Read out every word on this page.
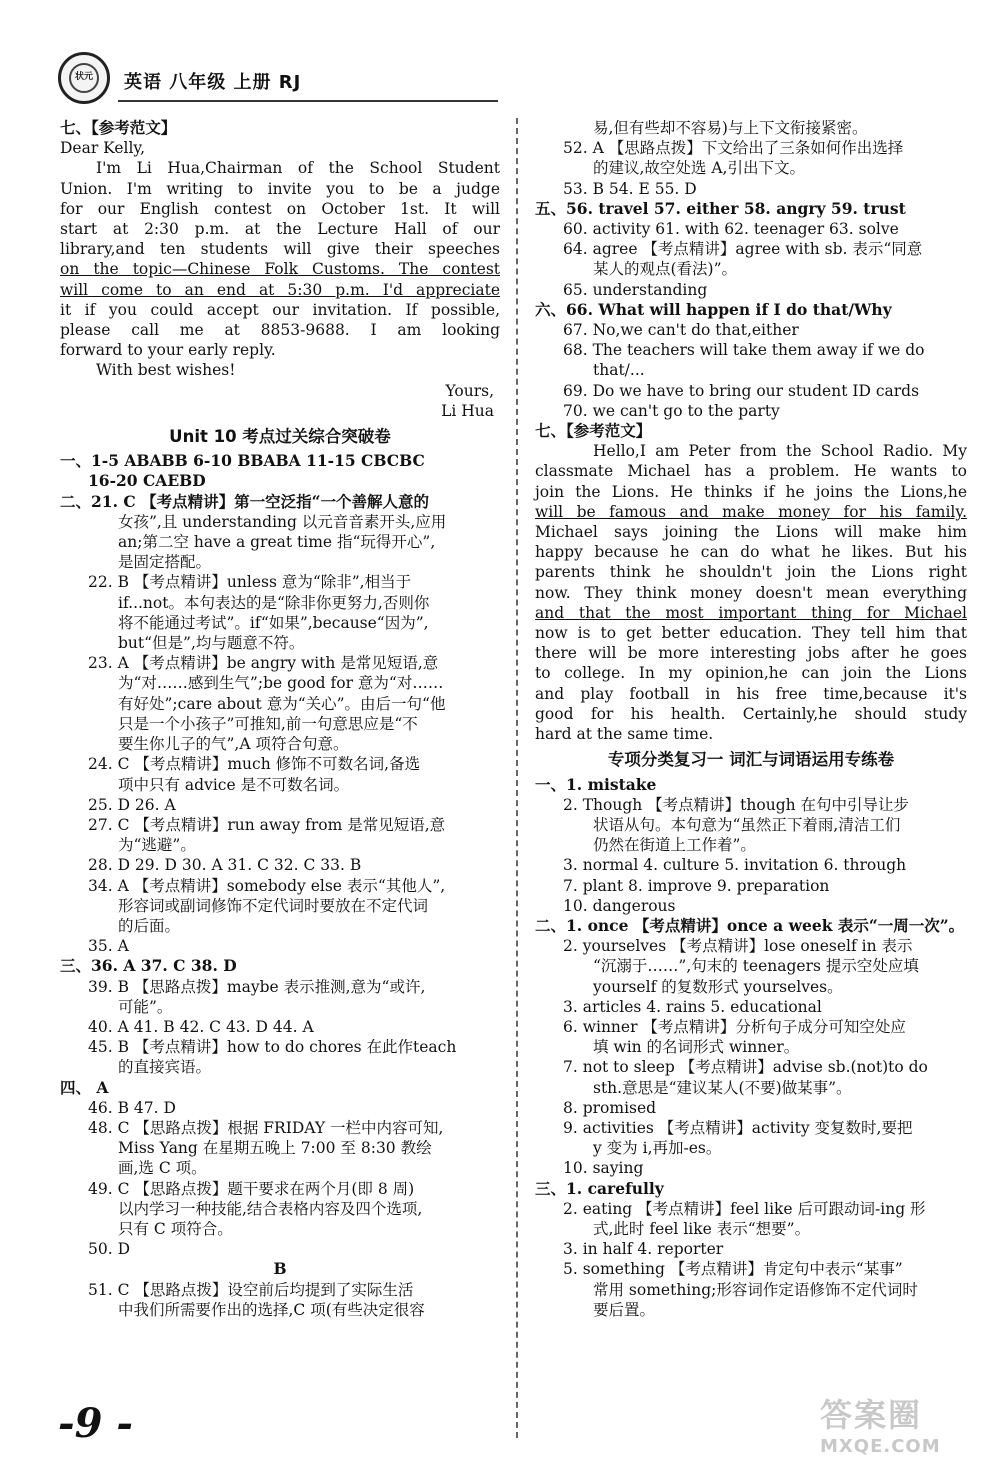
状元	英语 八年级 上册 RJ
七、【参考范文】
Dear Kelly,
I'm Li Hua,Chairman of the School Student
Union. I'm writing to invite you to be a judge
for our English contest on October 1st. It will
start at 2:30 p.m. at the Lecture Hall of our
library,and ten students will give their speeches
on the topic—Chinese Folk Customs. The contest
will come to an end at 5:30 p.m. I'd appreciate
it if you could accept our invitation. If possible,
please call me at 8853-9688. I am looking
forward to your early reply.
With best wishes!
Yours,
Li Hua
Unit 10 考点过关综合突破卷
一、1-5 ABABB 6-10 BBABA 11-15 CBCBC
16-20 CAEBD
二、21. C 【考点精讲】第一空泛指“一个善解人意的
女孩”,且 understanding 以元音音素开头,应用
an;第二空 have a great time 指“玩得开心”,
是固定搭配。
22. B 【考点精讲】unless 意为“除非”,相当于
if...not。本句表达的是“除非你更努力,否则你
将不能通过考试”。if“如果”,because“因为”,
but“但是”,均与题意不符。
23. A 【考点精讲】be angry with 是常见短语,意
为“对……感到生气”;be good for 意为“对……
有好处”;care about 意为“关心”。由后一句“他
只是一个小孩子”可推知,前一句意思应是“不
要生你儿子的气”,A 项符合句意。
24. C 【考点精讲】much 修饰不可数名词,备选
项中只有 advice 是不可数名词。
25. D 26. A
27. C 【考点精讲】run away from 是常见短语,意
为“逃避”。
28. D 29. D 30. A 31. C 32. C 33. B
34. A 【考点精讲】somebody else 表示“其他人”,
形容词或副词修饰不定代词时要放在不定代词
的后面。
35. A
三、36. A 37. C 38. D
39. B 【思路点拨】maybe 表示推测,意为“或许,
可能”。
40. A 41. B 42. C 43. D 44. A
45. B 【考点精讲】how to do chores 在此作teach
的直接宾语。
四、 A
46. B 47. D
48. C 【思路点拨】根据 FRIDAY 一栏中内容可知,
Miss Yang 在星期五晚上 7:00 至 8:30 教绘
画,选 C 项。
49. C 【思路点拨】题干要求在两个月(即 8 周)
以内学习一种技能,结合表格内容及四个选项,
只有 C 项符合。
50. D
B
51. C 【思路点拨】设空前后均提到了实际生活
中我们所需要作出的选择,C 项(有些决定很容
易,但有些却不容易)与上下文衔接紧密。
52. A 【思路点拨】下文给出了三条如何作出选择
的建议,故空处选 A,引出下文。
53. B 54. E 55. D
五、56. travel 57. either 58. angry 59. trust
60. activity 61. with 62. teenager 63. solve
64. agree 【考点精讲】agree with sb. 表示“同意
某人的观点(看法)”。
65. understanding
六、66. What will happen if I do that/Why
67. No,we can't do that,either
68. The teachers will take them away if we do
that/...
69. Do we have to bring our student ID cards
70. we can't go to the party
七、【参考范文】
Hello,I am Peter from the School Radio. My
classmate Michael has a problem. He wants to
join the Lions. He thinks if he joins the Lions,he
will be famous and make money for his family.
Michael says joining the Lions will make him
happy because he can do what he likes. But his
parents think he shouldn't join the Lions right
now. They think money doesn't mean everything
and that the most important thing for Michael
now is to get better education. They tell him that
there will be more interesting jobs after he goes
to college. In my opinion,he can join the Lions
and play football in his free time,because it's
good for his health. Certainly,he should study
hard at the same time.
专项分类复习一 词汇与词语运用专练卷
一、1. mistake
2. Though 【考点精讲】though 在句中引导让步
状语从句。本句意为“虽然正下着雨,清洁工们
仍然在街道上工作着”。
3. normal 4. culture 5. invitation 6. through
7. plant 8. improve 9. preparation
10. dangerous
二、1. once 【考点精讲】once a week 表示“一周一次”。
2. yourselves 【考点精讲】lose oneself in 表示
“沉溺于……”,句末的 teenagers 提示空处应填
yourself 的复数形式 yourselves。
3. articles 4. rains 5. educational
6. winner 【考点精讲】分析句子成分可知空处应
填 win 的名词形式 winner。
7. not to sleep 【考点精讲】advise sb.(not)to do
sth.意思是“建议某人(不要)做某事”。
8. promised
9. activities 【考点精讲】activity 变复数时,要把
y 变为 i,再加-es。
10. saying
三、1. carefully
2. eating 【考点精讲】feel like 后可跟动词-ing 形
式,此时 feel like 表示“想要”。
3. in half 4. reporter
5. something 【考点精讲】肯定句中表示“某事”
常用 something;形容词作定语修饰不定代词时
要后置。
-9 -	答案圈
MXQE.COM
